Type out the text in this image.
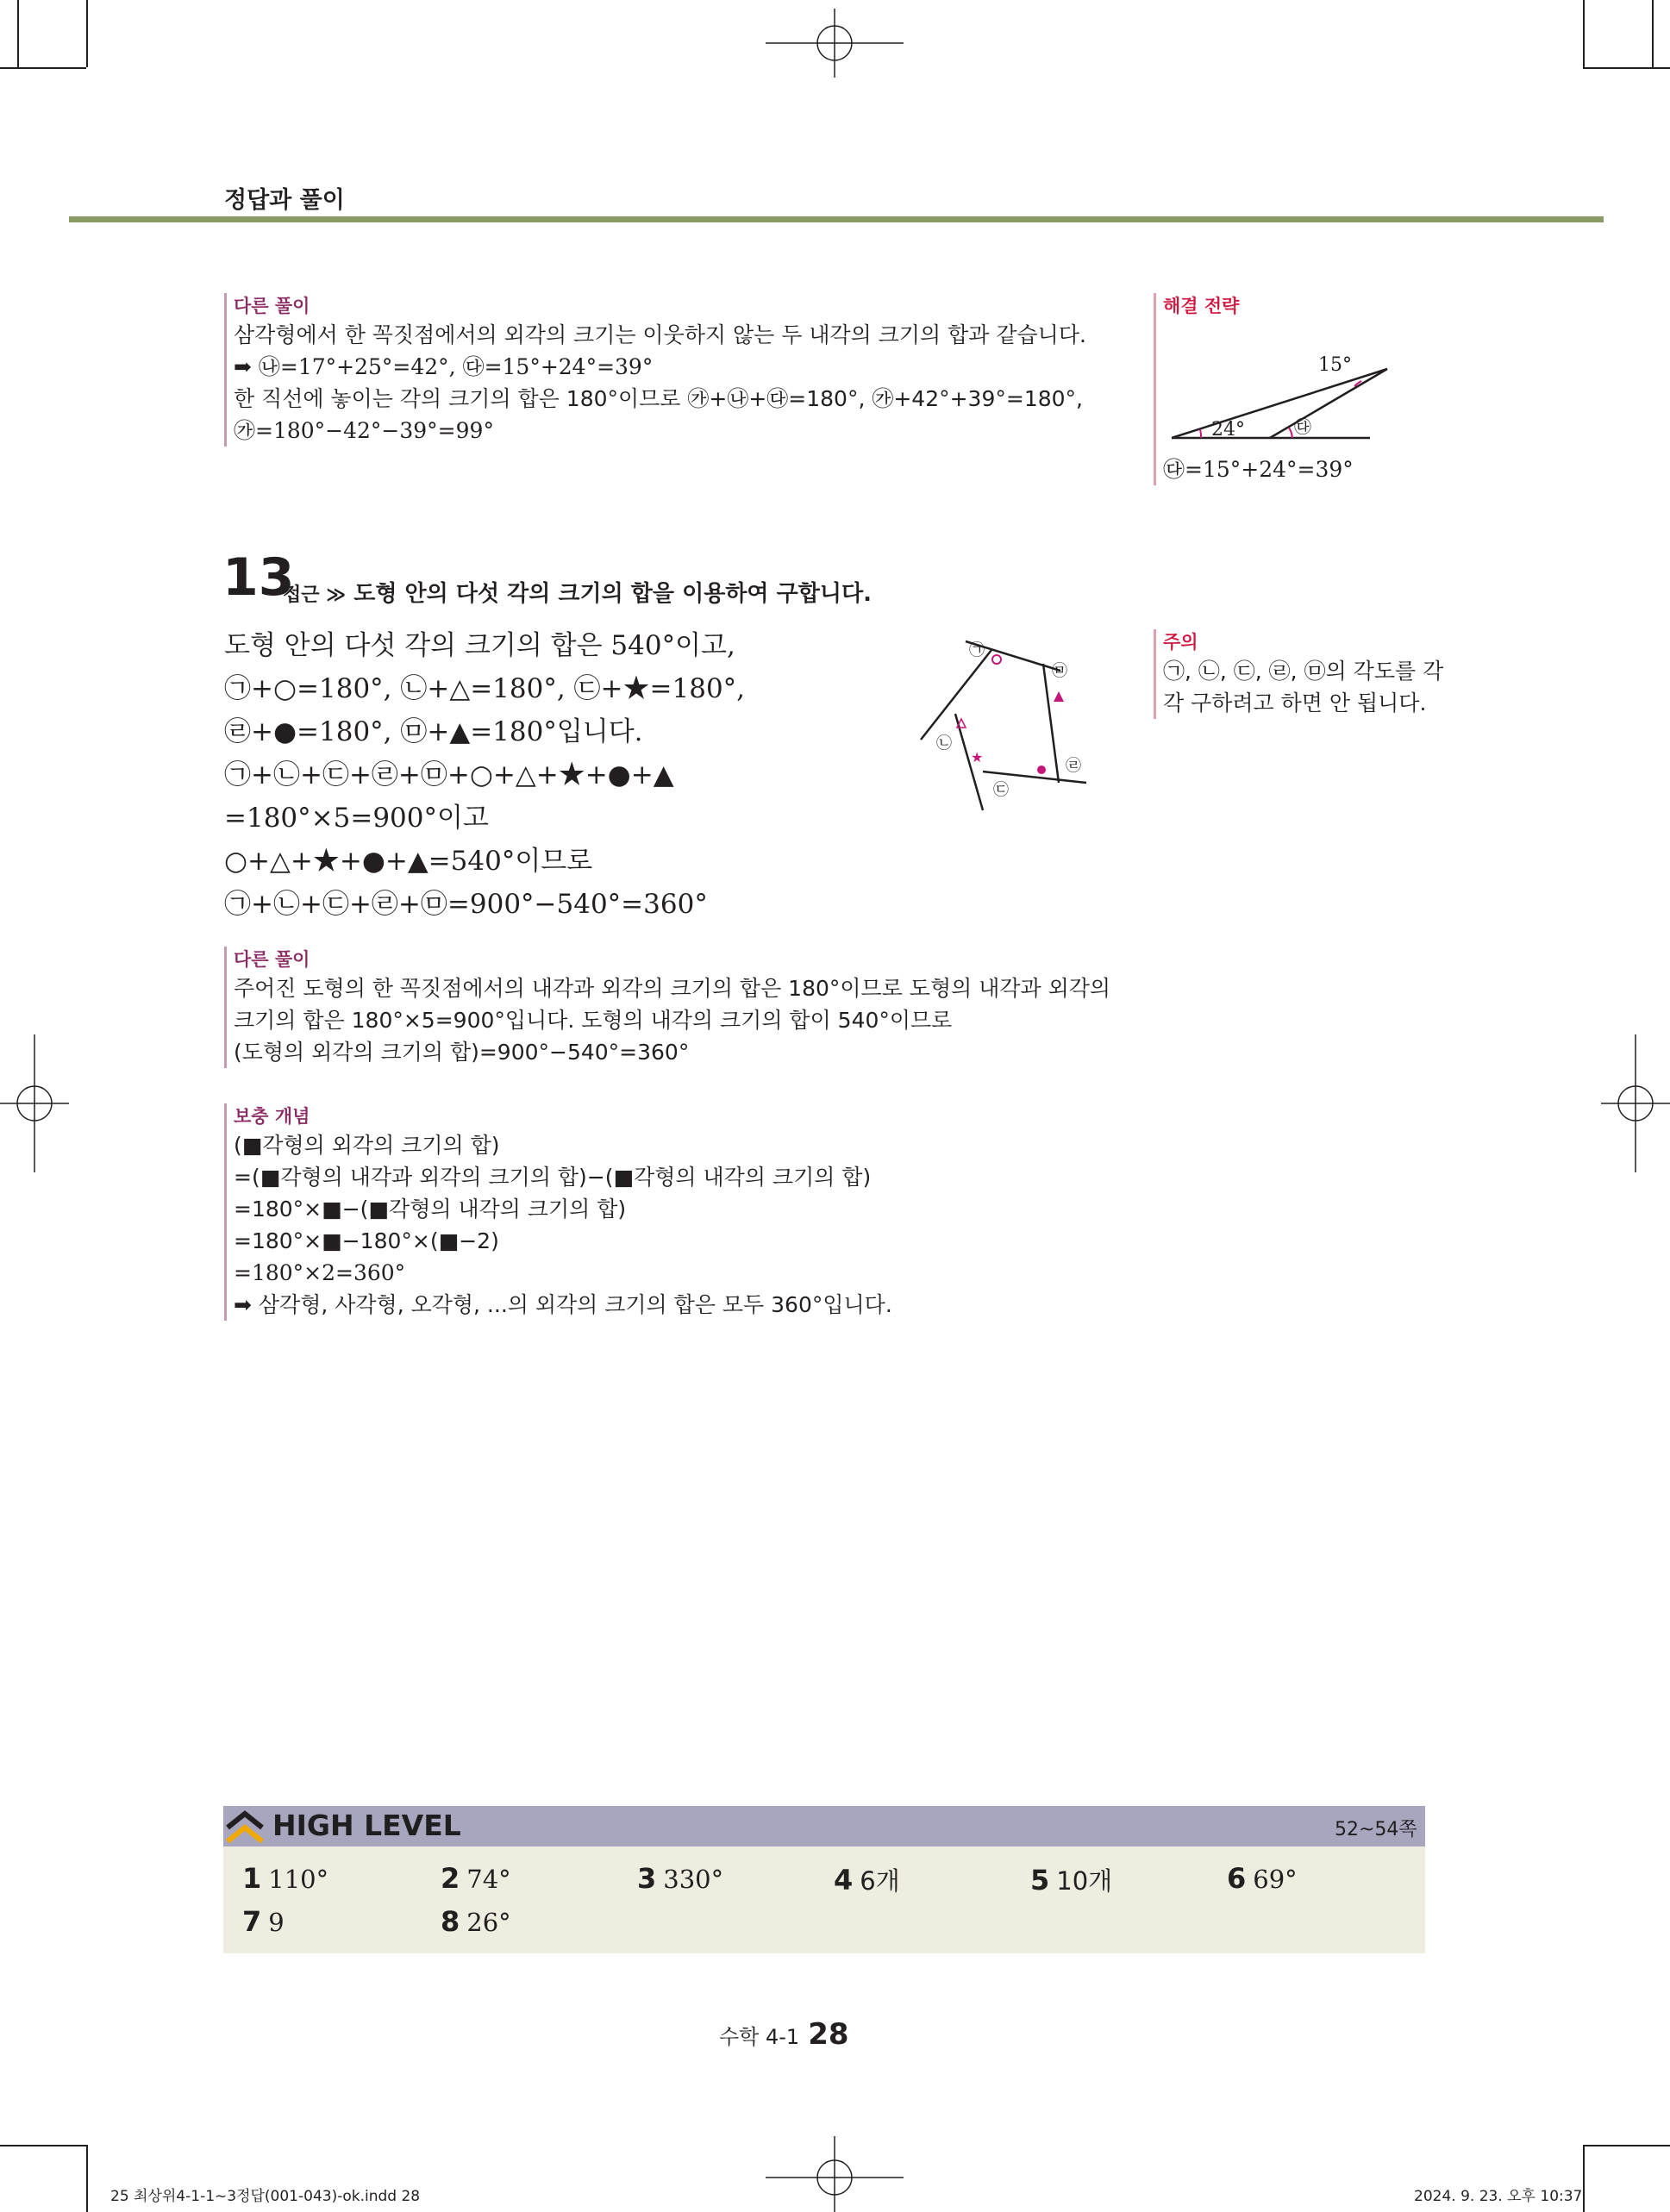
정답과 풀이
다른 풀이
삼각형에서 한 꼭짓점에서의 외각의 크기는 이웃하지 않는 두 내각의 크기의 합과 같습니다.
➡ ㉯=17°+25°=42°, ㉰=15°+24°=39°
한 직선에 놓이는 각의 크기의 합은 180°이므로 ㉮+㉯+㉰=180°, ㉮+42°+39°=180°,
㉮=180°−42°−39°=99°
해결 전략
24°
15°
㉰
㉰=15°+24°=39°
13
접근 ≫ 도형 안의 다섯 각의 크기의 합을 이용하여 구합니다.
도형 안의 다섯 각의 크기의 합은 540°이고,
㉠+○=180°, ㉡+△=180°, ㉢+★=180°,
㉣+●=180°, ㉤+▲=180°입니다.
㉠+㉡+㉢+㉣+㉤+○+△+★+●+▲
=180°×5=900°이고
○+△+★+●+▲=540°이므로
㉠+㉡+㉢+㉣+㉤=900°−540°=360°
★
㉠
㉡
㉢
㉣
㉤
주의
㉠, ㉡, ㉢, ㉣, ㉤의 각도를 각
각 구하려고 하면 안 됩니다.
다른 풀이
주어진 도형의 한 꼭짓점에서의 내각과 외각의 크기의 합은 180°이므로 도형의 내각과 외각의
크기의 합은 180°×5=900°입니다. 도형의 내각의 크기의 합이 540°이므로
(도형의 외각의 크기의 합)=900°−540°=360°
보충 개념
(■각형의 외각의 크기의 합)
=(■각형의 내각과 외각의 크기의 합)−(■각형의 내각의 크기의 합)
=180°×■−(■각형의 내각의 크기의 합)
=180°×■−180°×(■−2)
=180°×2=360°
➡ 삼각형, 사각형, 오각형, ...의 외각의 크기의 합은 모두 360°입니다.
HIGH LEVEL	52~54쪽
1 110°	2 74°	3 330°	4 6개	5 10개	6 69°
7 9	8 26°
수학 4-1 28
25 최상위4-1-1~3정답(001-043)-ok.indd 28	2024. 9. 23. 오후 10:37
